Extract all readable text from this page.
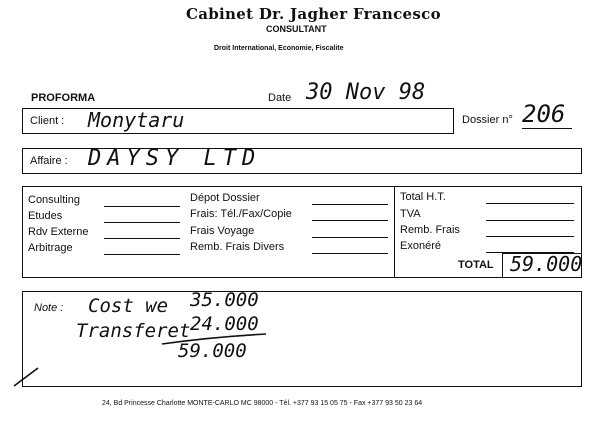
Cabinet Dr. Jagher Francesco
CONSULTANT
Droit International, Economie, Fiscalite
PROFORMA	Date 30 Nov 98
Client : Monytaru	Dossier n° 206
Affaire : DAYSY LTD
Consulting
Etudes
Rdv Externe
Arbitrage
Dépot Dossier
Frais: Tél./Fax/Copie
Frais Voyage
Remb. Frais Divers
Total H.T.
TVA
Remb. Frais
Exonéré
TOTAL 59.000
Note : Cost we 35.000
Transferet 24.000
59.000
24, Bd Princesse Charlotte MONTE-CARLO MC 98000 - Tél. +377 93 15 05 75 - Fax +377 93 50 23 64
